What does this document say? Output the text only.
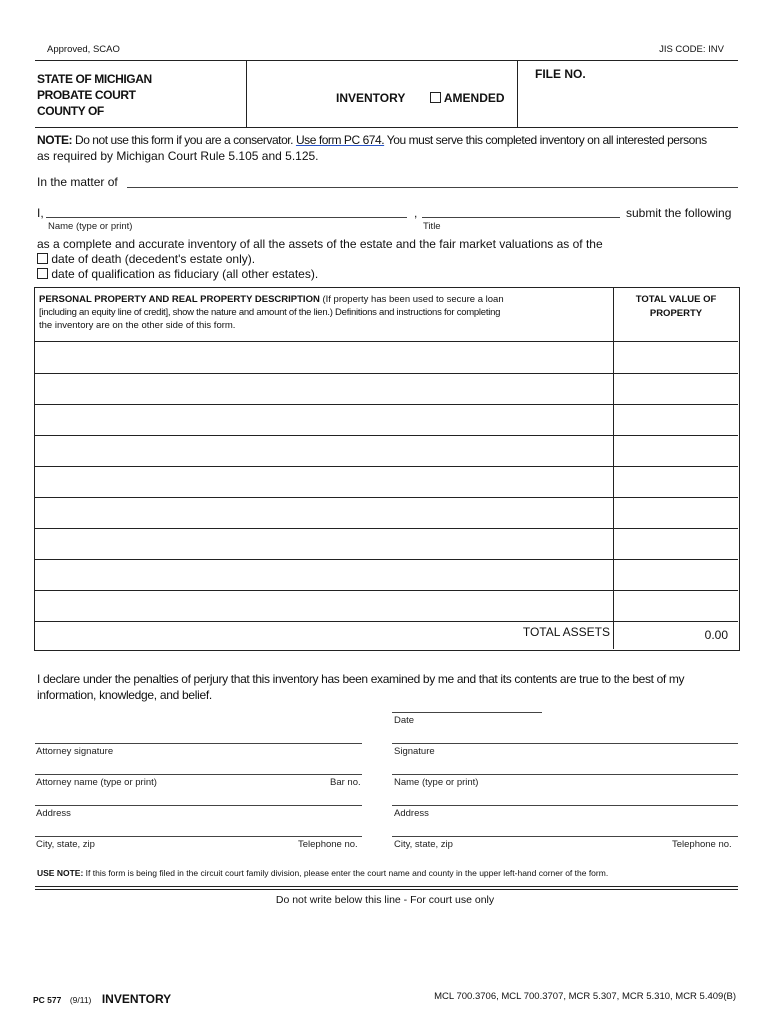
Approved, SCAO	JIS CODE: INV
STATE OF MICHIGAN
PROBATE COURT
COUNTY OF
INVENTORY	AMENDED
FILE NO.
NOTE: Do not use this form if you are a conservator. Use form PC 674. You must serve this completed inventory on all interested persons
as required by Michigan Court Rule 5.105 and 5.125.
In the matter of
I,	,	submit the following
Name (type or print)	Title
as a complete and accurate inventory of all the assets of the estate and the fair market valuations as of the
date of death (decedent's estate only).
date of qualification as fiduciary (all other estates).
PERSONAL PROPERTY AND REAL PROPERTY DESCRIPTION (If property has been used to secure a loan
[including an equity line of credit], show the nature and amount of the lien.) Definitions and instructions for completing
the inventory are on the other side of this form.
TOTAL VALUE OF
PROPERTY
TOTAL ASSETS	0.00
I declare under the penalties of perjury that this inventory has been examined by me and that its contents are true to the best of my
information, knowledge, and belief.
Date
Attorney signature	Signature
Attorney name (type or print)	Bar no.	Name (type or print)
Address	Address
City, state, zip	Telephone no.	City, state, zip	Telephone no.
USE NOTE: If this form is being filed in the circuit court family division, please enter the court name and county in the upper left-hand corner of the form.
Do not write below this line - For court use only
PC 577 (9/11) INVENTORY	MCL 700.3706, MCL 700.3707, MCR 5.307, MCR 5.310, MCR 5.409(B)
